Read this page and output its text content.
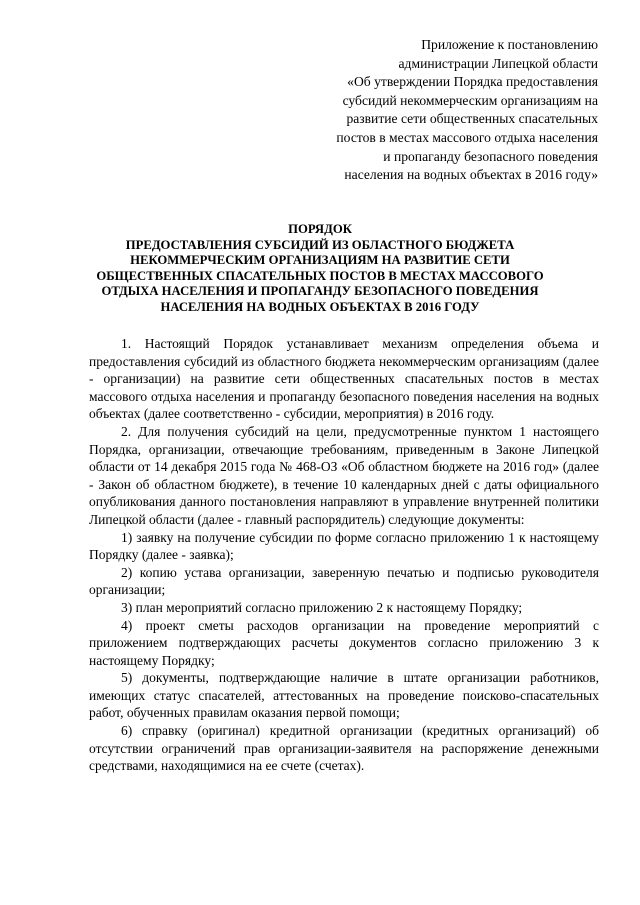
Приложение к постановлению
администрации Липецкой области
«Об утверждении Порядка предоставления
субсидий некоммерческим организациям на
развитие сети общественных спасательных
постов в местах массового отдыха населения
и пропаганду безопасного поведения
населения на водных объектах в 2016 году»
ПОРЯДОК
ПРЕДОСТАВЛЕНИЯ СУБСИДИЙ ИЗ ОБЛАСТНОГО БЮДЖЕТА
НЕКОММЕРЧЕСКИМ ОРГАНИЗАЦИЯМ НА РАЗВИТИЕ СЕТИ
ОБЩЕСТВЕННЫХ СПАСАТЕЛЬНЫХ ПОСТОВ В МЕСТАХ МАССОВОГО
ОТДЫХА НАСЕЛЕНИЯ И ПРОПАГАНДУ БЕЗОПАСНОГО ПОВЕДЕНИЯ
НАСЕЛЕНИЯ НА ВОДНЫХ ОБЪЕКТАХ В 2016 ГОДУ

1. Настоящий Порядок устанавливает механизм определения объема и предоставления субсидий из областного бюджета некоммерческим организациям (далее - организации) на развитие сети общественных спасательных постов в местах массового отдыха населения и пропаганду безопасного поведения населения на водных объектах (далее соответственно - субсидии, мероприятия) в 2016 году.

2. Для получения субсидий на цели, предусмотренные пунктом 1 настоящего Порядка, организации, отвечающие требованиям, приведенным в Законе Липецкой области от 14 декабря 2015 года № 468-ОЗ «Об областном бюджете на 2016 год» (далее - Закон об областном бюджете), в течение 10 календарных дней с даты официального опубликования данного постановления направляют в управление внутренней политики Липецкой области (далее - главный распорядитель) следующие документы:

1) заявку на получение субсидии по форме согласно приложению 1 к настоящему Порядку (далее - заявка);

2) копию устава организации, заверенную печатью и подписью руководителя организации;

3) план мероприятий согласно приложению 2 к настоящему Порядку;

4) проект сметы расходов организации на проведение мероприятий с приложением подтверждающих расчеты документов согласно приложению 3 к настоящему Порядку;

5) документы, подтверждающие наличие в штате организации работников, имеющих статус спасателей, аттестованных на проведение поисково-спасательных работ, обученных правилам оказания первой помощи;

6) справку (оригинал) кредитной организации (кредитных организаций) об отсутствии ограничений прав организации-заявителя на распоряжение денежными средствами, находящимися на ее счете (счетах).
